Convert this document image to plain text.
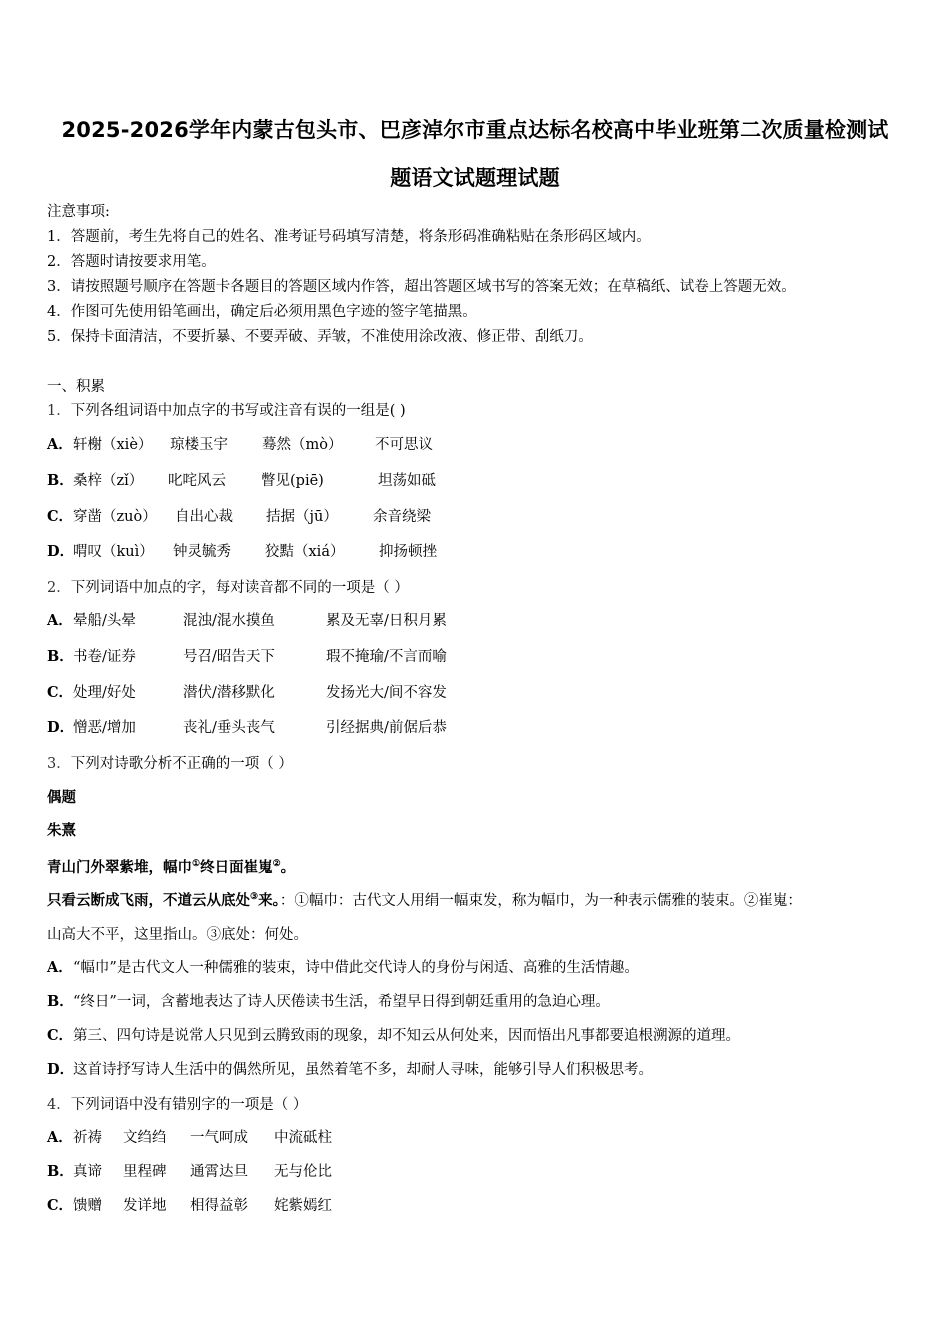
2025-2026学年内蒙古包头市、巴彦淖尔市重点达标名校高中毕业班第二次质量检测试
题语文试题理试题
注意事项:
1．答题前，考生先将自己的姓名、准考证号码填写清楚，将条形码准确粘贴在条形码区域内。
2．答题时请按要求用笔。
3．请按照题号顺序在答题卡各题目的答题区域内作答，超出答题区域书写的答案无效；在草稿纸、试卷上答题无效。
4．作图可先使用铅笔画出，确定后必须用黑色字迹的签字笔描黑。
5．保持卡面清洁，不要折暴、不要弄破、弄皱，不准使用涂改液、修正带、刮纸刀。
一、积累
1．下列各组词语中加点字的书写或注音有误的一组是( )
A．轩榭（xiè） 琼楼玉宇 蓦然（mò） 不可思议
B．桑梓（zǐ） 叱咤风云 瞥见(piē)	坦荡如砥
C．穿凿（zuò） 自出心裁 拮据（jū） 余音绕梁
D．喟叹（kuì） 钟灵毓秀 狡黠（xiá） 抑扬顿挫
2．下列词语中加点的字，每对读音都不同的一项是（ ）
A．晕船/头晕	混浊/混水摸鱼	累及无辜/日积月累
B．书卷/证券	号召/昭告天下	瑕不掩瑜/不言而喻
C．处理/好处	潜伏/潜移默化	发扬光大/间不容发
D．憎恶/增加	丧礼/垂头丧气	引经据典/前倨后恭
3．下列对诗歌分析不正确的一项（ ）
偶题
朱熹
青山门外翠紫堆，幅巾①终日面崔嵬②。
只看云断成飞雨，不道云从底处③来。：①幅巾：古代文人用绢一幅束发，称为幅巾，为一种表示儒雅的装束。②崔嵬：
山高大不平，这里指山。③底处：何处。
A．“幅巾”是古代文人一种儒雅的装束，诗中借此交代诗人的身份与闲适、高雅的生活情趣。
B．“终日”一词，含蓄地表达了诗人厌倦读书生活，希望早日得到朝廷重用的急迫心理。
C．第三、四句诗是说常人只见到云腾致雨的现象，却不知云从何处来，因而悟出凡事都要追根溯源的道理。
D．这首诗抒写诗人生活中的偶然所见，虽然着笔不多，却耐人寻味，能够引导人们积极思考。
4．下列词语中没有错别字的一项是（ ）
A．祈祷 文绉绉 一气呵成 中流砥柱
B．真谛 里程碑 通霄达旦 无与伦比
C．馈赠 发详地 相得益彰 姹紫嫣红
